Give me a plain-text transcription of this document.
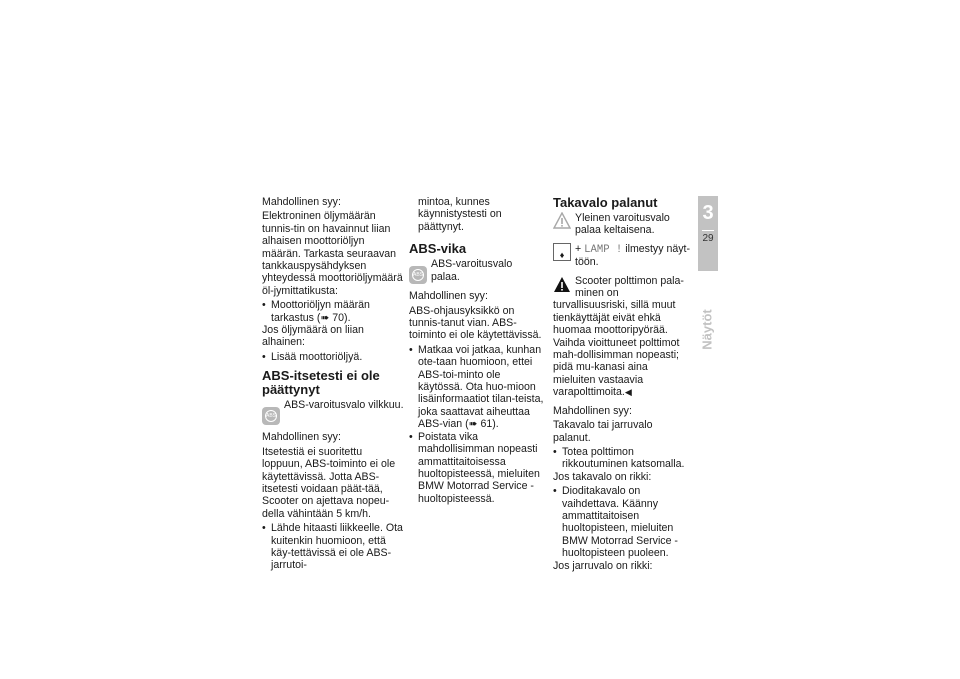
Mahdollinen syy:

Elektroninen öljymäärän tunnis-tin on havainnut liian alhaisen moottoriöljyn määrän. Tarkasta seuraavan tankkauspysähdyksen yhteydessä moottoriöljymäärä öl-jymittatikusta:

• Moottoriöljyn määrän tarkastus (➠ 70).

Jos öljymäärä on liian alhainen:

• Lisää moottoriöljyä.
ABS-itsetesti ei ole päättynyt
ABS
ABS-varoitusvalo vilkkuu.

Mahdollinen syy:

Itsetestiä ei suoritettu loppuun, ABS-toiminto ei ole käytettävissä. Jotta ABS-itsetesti voidaan päät-tää, Scooter on ajettava nopeu-della vähintään 5 km/h.

• Lähde hitaasti liikkeelle. Ota kuitenkin huomioon, että käy-tettävissä ei ole ABS-jarrutoi-

mintoa, kunnes käynnistystesti on päättynyt.

ABS-vika
ABS
ABS-varoitusvalo palaa.

Mahdollinen syy:

ABS-ohjausyksikkö on tunnis-tanut vian. ABS-toiminto ei ole käytettävissä.

• Matkaa voi jatkaa, kunhan ote-taan huomioon, ettei ABS-toi-minto ole käytössä. Ota huo-mioon lisäinformaatiot tilan-teista, joka saattavat aiheuttaa ABS-vian (➠ 61).
• Poistata vika mahdollisimman nopeasti ammattitaitoisessa huoltopisteessä, mieluiten BMW Motorrad Service -huoltopisteessä.
Takavalo palanut
Yleinen varoitusvalo palaa keltaisena.
♦	+ LAMP ! ilmestyy näyt-töön.
Scooter polttimon pala-minen on turvallisuusriski, sillä muut tienkäyttäjät eivät ehkä huomaa moottoripyörää. Vaihda vioittuneet polttimot mah-dollisimman nopeasti; pidä mu-kanasi aina mieluiten vastaavia varapolttimoita.◀

Mahdollinen syy:

Takavalo tai jarruvalo palanut.

• Totea polttimon rikkoutuminen katsomalla.

Jos takavalo on rikki:

• Dioditakavalo on vaihdettava. Käänny ammattitaitoisen huoltopisteen, mieluiten BMW Motorrad Service -huoltopisteen puoleen.

Jos jarruvalo on rikki:

3
29
Näytöt
